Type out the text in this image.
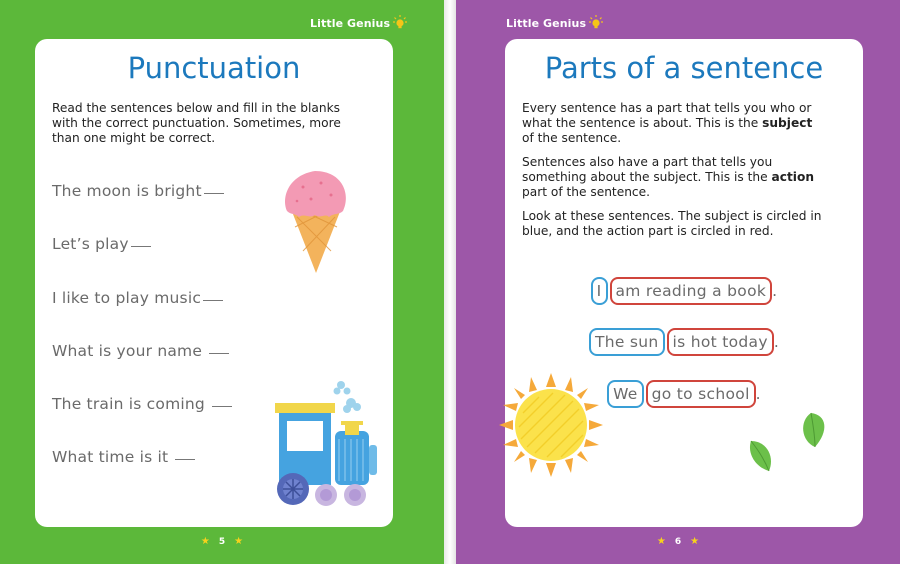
Little Genius
Punctuation
Read the sentences below and fill in the blanks with the correct punctuation. Sometimes, more than one might be correct.
The moon is bright
Let’s play
I like to play music
What is your name
The train is coming
What time is it
★ 5 ★
Little Genius
Parts of a sentence
Every sentence has a part that tells you who or what the sentence is about. This is the subject of the sentence.
Sentences also have a part that tells you something about the subject. This is the action part of the sentence.
Look at these sentences. The subject is circled in blue, and the action part is circled in red.
I am reading a book .
The sun is hot today .
We go to school .
★ 6 ★
